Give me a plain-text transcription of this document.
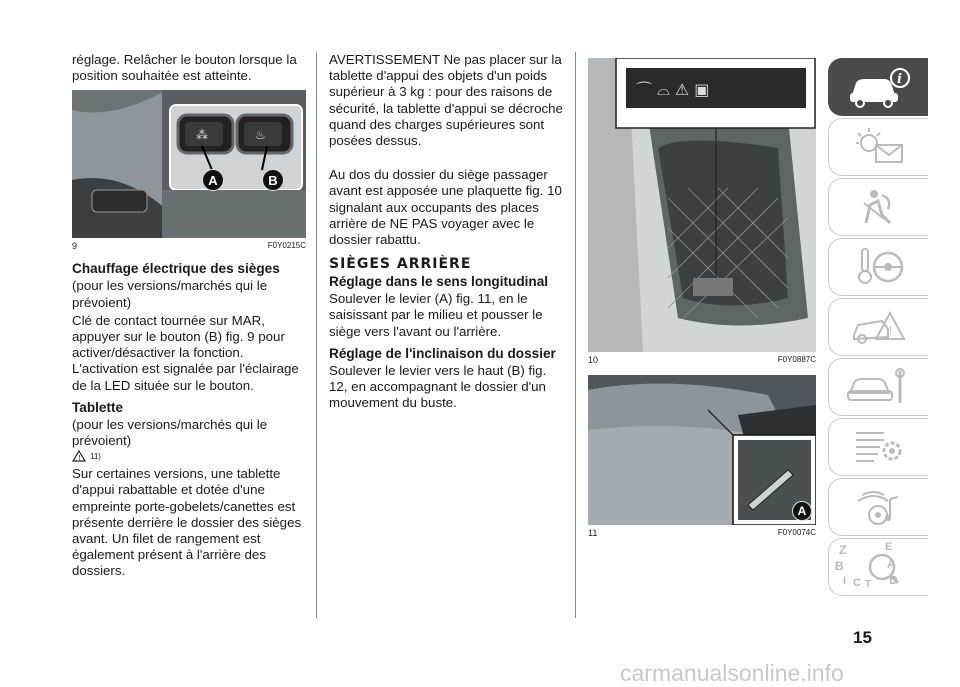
réglage. Relâcher le bouton lorsque la position souhaitée est atteinte.

⁂	♨
A	B
9	F0Y0215C
Chauffage électrique des sièges

(pour les versions/marchés qui le prévoient)

Clé de contact tournée sur MAR, appuyer sur le bouton (B) fig. 9 pour activer/désactiver la fonction. L'activation est signalée par l'éclairage de la LED située sur le bouton.

Tablette

(pour les versions/marchés qui le prévoient)

! 11)

Sur certaines versions, une tablette d'appui rabattable et dotée d'une empreinte porte-gobelets/canettes est présente derrière le dossier des sièges avant. Un filet de rangement est également présent à l'arrière des dossiers.

AVERTISSEMENT Ne pas placer sur la tablette d'appui des objets d'un poids supérieur à 3 kg : pour des raisons de sécurité, la tablette d'appui se décroche quand des charges supérieures sont posées dessus.

Au dos du dossier du siège passager avant est apposée une plaquette fig. 10 signalant aux occupants des places arrière de NE PAS voyager avec le dossier rabattu.

SIÈGES ARRIÈRE
Réglage dans le sens longitudinal

Soulever le levier (A) fig. 11, en le saisissant par le milieu et pousser le siège vers l'avant ou l'arrière.

Réglage de l'inclinaison du dossier

Soulever le levier vers le haut (B) fig. 12, en accompagnant le dossier d'un mouvement du buste.

⌒ ⌓ ⚠ ▣
10	F0Y0887C
A
11	F0Y0074C
i
!
Z	E
B	A
I C T D
15
carmanualsonline.info
